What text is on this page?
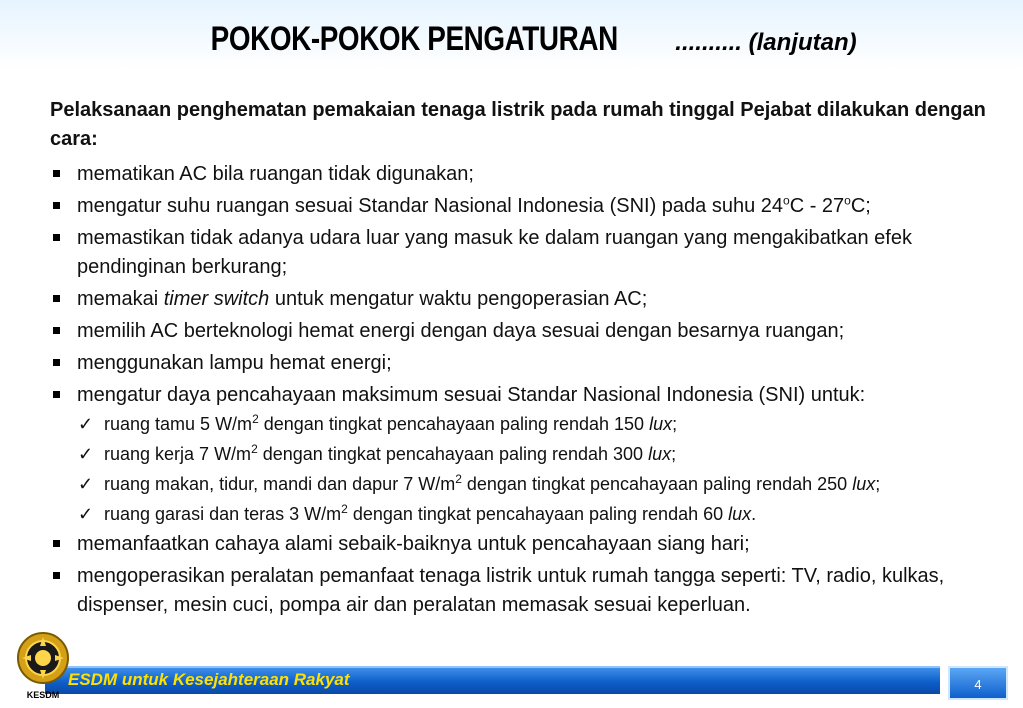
POKOK-POKOK PENGATURAN .......... (lanjutan)

Pelaksanaan penghematan pemakaian tenaga listrik pada rumah tinggal Pejabat dilakukan dengan cara:

mematikan AC bila ruangan tidak digunakan;
mengatur suhu ruangan sesuai Standar Nasional Indonesia (SNI) pada suhu 24$^o$C - 27$^o$C;
memastikan tidak adanya udara luar yang masuk ke dalam ruangan yang mengakibatkan efek pendinginan berkurang;
memakai timer switch untuk mengatur waktu pengoperasian AC;
memilih AC berteknologi hemat energi dengan daya sesuai dengan besarnya ruangan;
menggunakan lampu hemat energi;
mengatur daya pencahayaan maksimum sesuai Standar Nasional Indonesia (SNI) untuk:
✓ ruang tamu 5 $W/m^2$ dengan tingkat pencahayaan paling rendah 150 lux;
✓ ruang kerja 7 $W/m^2$ dengan tingkat pencahayaan paling rendah 300 lux;
✓ ruang makan, tidur, mandi dan dapur 7 $W/m^2$ dengan tingkat pencahayaan paling rendah 250 lux;
✓ ruang garasi dan teras 3 $W/m^2$ dengan tingkat pencahayaan paling rendah 60 lux.
memanfaatkan cahaya alami sebaik-baiknya untuk pencahayaan siang hari;
mengoperasikan peralatan pemanfaat tenaga listrik untuk rumah tangga seperti: TV, radio, kulkas, dispenser, mesin cuci, pompa air dan peralatan memasak sesuai keperluan.
ESDM untuk Kesejahteraan Rakyat	4
KESDM
